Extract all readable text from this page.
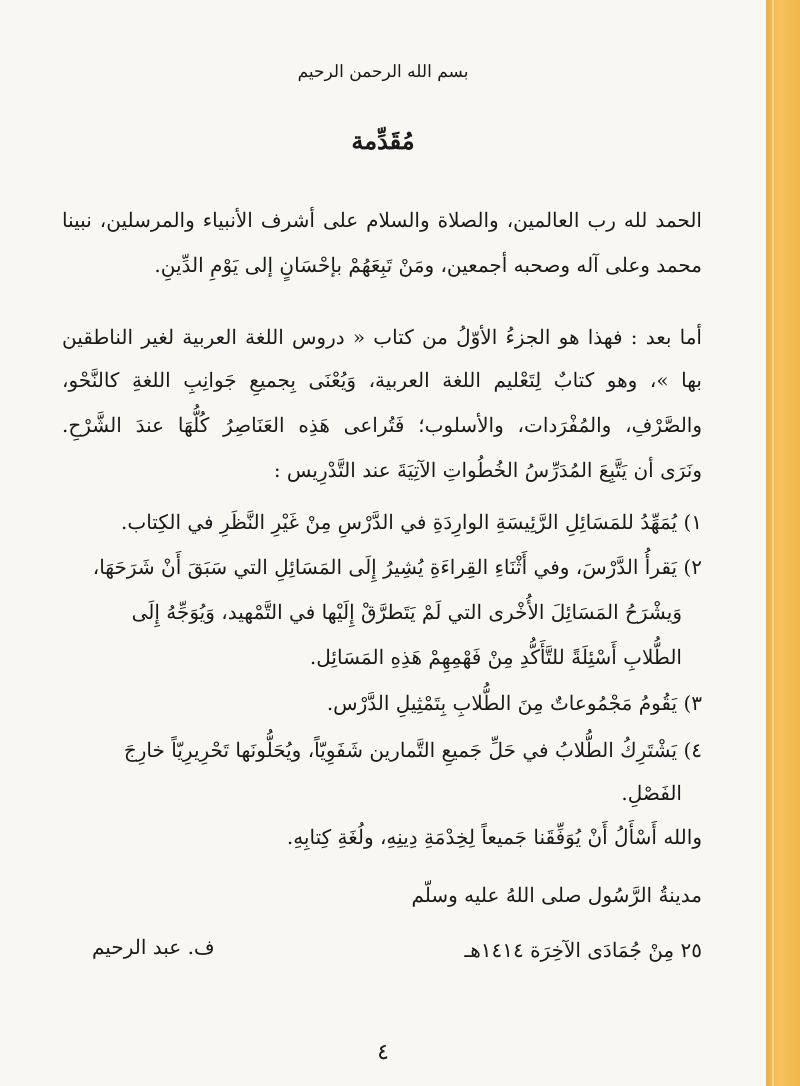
بسم الله الرحمن الرحيم
مُقَدِّمة
الحمد لله رب العالمين، والصلاة والسلام على أشرف الأنبياء والمرسلين، نبينا
محمد وعلى آله وصحبه أجمعين، ومَنْ تَبِعَهُمْ بإحْسَانٍ إلى يَوْمِ الدِّينِ.
أما بعد : فهذا هو الجزءُ الأوّلُ من كتاب « دروس اللغة العربية لغير الناطقين
بها »، وهو كتابٌ لِتَعْليم اللغة العربية، وَيُعْنَى بِجميعِ جَوانِبِ اللغةِ كالنَّحْو،
والصَّرْفِ، والمُفْرَدات، والأسلوب؛ فَتُراعى هَذِه العَنَاصِرُ كُلُّهَا عندَ الشَّرْحِ.
ونَرَى أن يَتَّبِعَ المُدَرِّسُ الخُطُواتِ الآتِيَةَ عند التَّدْرِيس :
١) يُمَهِّدُ للمَسَائِلِ الرَّئِيسَةِ الوارِدَةِ في الدَّرْسِ مِنْ غَيْرِ النَّظَرِ في الكِتاب.
٢) يَقرأُ الدَّرْسَ، وفي أَثْنَاءِ القِراءَةِ يُشِيرُ إِلَى المَسَائِلِ التي سَبَقَ أَنْ شَرَحَهَا،
وَيشْرَحُ المَسَائِلَ الأُخْرى التي لَمْ يَتَطرَّقْ إِلَيْها في التَّمْهيد، وَيُوَجِّهُ إِلَى
الطُّلابِ أَسْئِلَةً للتَّأَكُّدِ مِنْ فَهْمِهِمْ هَذِهِ المَسَائِل.
٣) يَقُومُ مَجْمُوعاتٌ مِنَ الطُّلابِ بِتَمْثِيلِ الدَّرْس.
٤) يَشْتَرِكُ الطُّلابُ في حَلِّ جَميعِ التَّمارين شَفَوِيّاً، ويُحَلُّونَها تَحْرِيرِيّاً خارِجَ
الفَصْلِ.
والله أَسْأَلُ أَنْ يُوَفِّقَنا جَميعاً لِخِدْمَةِ دِينِهِ، ولُغَةِ كِتابِهِ.
مدينةُ الرَّسُول صلى اللهُ عليه وسلّم
٢٥ مِنْ جُمَادَى الآخِرَة ١٤١٤هـ
ف. عبد الرحيم
٤
